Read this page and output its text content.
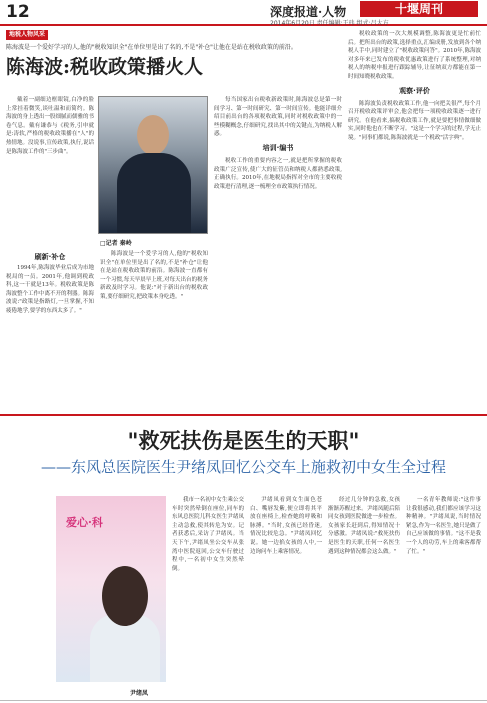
12	深度报道·人物	十堰周刊
2014年6月20日 责任编辑:王玮 组式:吕大方
地税人物风采
陈海波是一个爱好学习的人,他的"税收知识全"在单位里是出了名的,不是"补仓"让他在是站在税收政策的前沿。
陈海波:税收政策播火人

戴着一副细边框眼镜,白净的脸上常挂着微笑,谈吐温和而简约。陈海波的身上透出一股细腻而儒雅的书卷气息。戴有谦恭与《税务,引申就是:涛软,严格的税收政策播在"人"的热情地。没说事,宣传政策,执行,说话是陈海波工作的"三步曲"。

□记者 秦岭
刷新·补仓

1994年,陈海波毕业后成为市地税局的一员。2001年,他调到税政科,这一干就是13年。税收政策是陈海波整个工作中离不开的利器。陈海波说:"政策是指路灯,一旦掌握,不知疲倦地学,要学的东西太多了。"

陈海波是一个爱学习的人,他的"税收知识全"在单位里是出了名的,不是"补仓"让他在是站在税收政策的前沿。陈海波一直都有一个习惯,每天早晨早上班,对每天出台的税务新政及时学习。他说:"对于新出台的税收政策,要仔细研究,把政策本身吃透。"

每当国家出台税收新政策时,陈海波总是第一时间学习、第一时间研究、第一时间宣传。他能详细介绍目前出台的各项税收政策,同时对税收政策中的一些模糊概念,仔细研究,找出其中的关键点,为纳税人解惑。

培训·编书

税收工作的重要内容之一,就是把所掌握的税收政策广泛宣传,使广大的征管员和纳税人都熟悉政策,正确执行。2010年,在地税局指挥对全市的主要收税政策进行清理,逐一梳理全市政策执行情况。

税收政策的一次大规模调整,陈海波更是忙前忙后。把所出台的政策,选择重点,汇编成册,发放到各个纳税人手中,同时建立了"税收政策问答"。2010年,陈海波对多年来已发布的税收优惠政策进行了系统整理,对纳税人的纳税申报进行跟踪辅导,让征纳双方都能在第一时间知晓税收政策。

观察·评价

陈海波负责税收政策工作,他一向把关很严,每个月召开税收政策评审会,他会把每一项税收政策逐一进行研究。在他看来,搞税收政策工作,就是要把事情做细做实,同时他也在不断学习。"这是一个学习的过程,学无止境。"同事们都说,陈海波就是一个税政"活字典"。

"救死扶伤是医生的天职"
——东风总医院医生尹绪凤回忆公交车上施救初中女生全过程
爱心·科
尹绪凤

我市一名初中女生乘公交车时突然晕倒在座位,同车的东风总医院儿科女医生尹绪凤主动急救,使其转危为安。记者获悉后,采访了尹绪凤。当天下午,尹绪凤坐公交车从张湾中医院返回,公交车行驶过程中,一名初中女生突然晕倒。

尹绪凤看到女生面色苍白、嘴唇发紫,便立即将其平放在座椅上,检查她的呼吸和脉搏。"当时,女孩已经昏迷,情况比较危急。"尹绪凤回忆说。她一边掐女孩的人中,一边询问车上乘客情况。

经过几分钟的急救,女孩渐渐苏醒过来。尹绪凤随后陪同女孩到医院做进一步检查。女孩家长赶到后,得知情况十分感激。尹绪凤说:"救死扶伤是医生的天职,任何一名医生遇到这种情况都会这么做。"

一名青年教师说:"这件事让我很感动,我们都应该学习这种精神。"尹绪凤说,当时情况紧急,作为一名医生,她只是做了自己应该做的事情。"这不是我一个人的功劳,车上的乘客都帮了忙。"
